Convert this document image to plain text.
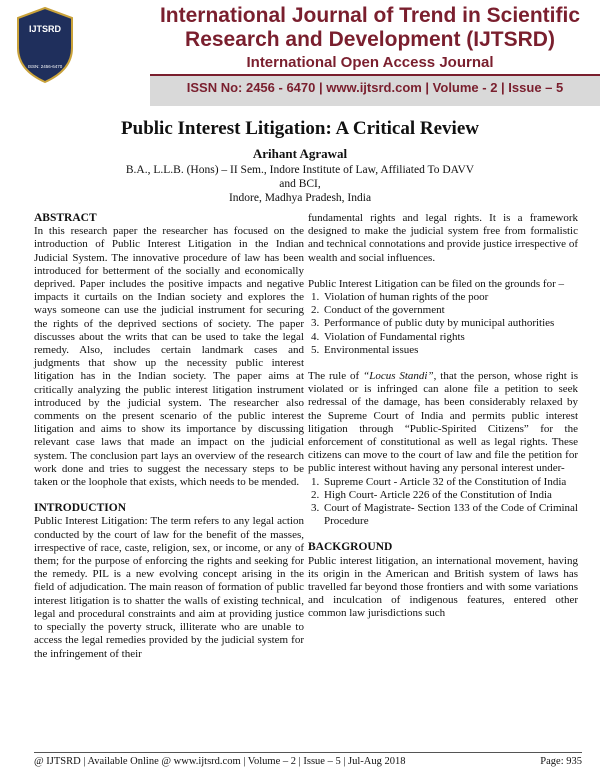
IJTSRD
ISSN: 2456-6470
International Journal of Trend in Scientific
Research and Development (IJTSRD)
International Open Access Journal
ISSN No: 2456 - 6470 | www.ijtsrd.com | Volume - 2 | Issue – 5
Public Interest Litigation: A Critical Review
Arihant Agrawal
B.A., L.L.B. (Hons) – II Sem., Indore Institute of Law, Affiliated To DAVV and BCI,
Indore, Madhya Pradesh, India

ABSTRACT

In this research paper the researcher has focused on the introduction of Public Interest Litigation in the Indian Judicial System. The innovative procedure of law has been introduced for betterment of the socially and economically deprived. Paper includes the positive impacts and negative impacts it curtails on the Indian society and explores the ways someone can use the judicial instrument for securing the rights of the deprived sections of society. The paper discusses about the writs that can be used to take the legal remedy. Also, includes certain landmark cases and judgments that show up the necessity public interest litigation has in the Indian society. The paper aims at critically analyzing the public interest litigation instrument introduced by the judicial system. The researcher also comments on the present scenario of the public interest litigation and aims to show its importance by discussing relevant case laws that made an impact on the judicial system. The conclusion part lays an overview of the research work done and tries to suggest the necessary steps to be taken or the loophole that exists, which needs to be mended.

INTRODUCTION

Public Interest Litigation: The term refers to any legal action conducted by the court of law for the benefit of the masses, irrespective of race, caste, religion, sex, or income, or any of them; for the purpose of enforcing the rights and seeking for the remedy. PIL is a new evolving concept arising in the field of adjudication. The main reason of formation of public interest litigation is to shatter the walls of existing technical, legal and procedural constraints and aim at providing justice to specially the poverty struck, illiterate who are unable to access the legal remedies provided by the judicial system for the infringement of their

fundamental rights and legal rights. It is a framework designed to make the judicial system free from formalistic and technical connotations and provide justice irrespective of wealth and social influences.

Public Interest Litigation can be filed on the grounds for –

1. Violation of human rights of the poor
2. Conduct of the government
3. Performance of public duty by municipal authorities
4. Violation of Fundamental rights
5. Environmental issues

The rule of “Locus Standi”, that the person, whose right is violated or is infringed can alone file a petition to seek redressal of the damage, has been considerably relaxed by the Supreme Court of India and permits public interest litigation through “Public-Spirited Citizens” for the enforcement of constitutional as well as legal rights. These citizens can move to the court of law and file the petition for public interest without having any personal interest under-

1. Supreme Court - Article 32 of the Constitution of India
2. High Court- Article 226 of the Constitution of India
3. Court of Magistrate- Section 133 of the Code of Criminal Procedure

BACKGROUND

Public interest litigation, an international movement, having its origin in the American and British system of laws has travelled far beyond those frontiers and with some variations and inculcation of indigenous features, entered other common law jurisdictions such

@ IJTSRD | Available Online @ www.ijtsrd.com | Volume – 2 | Issue – 5 | Jul-Aug 2018	Page: 935
